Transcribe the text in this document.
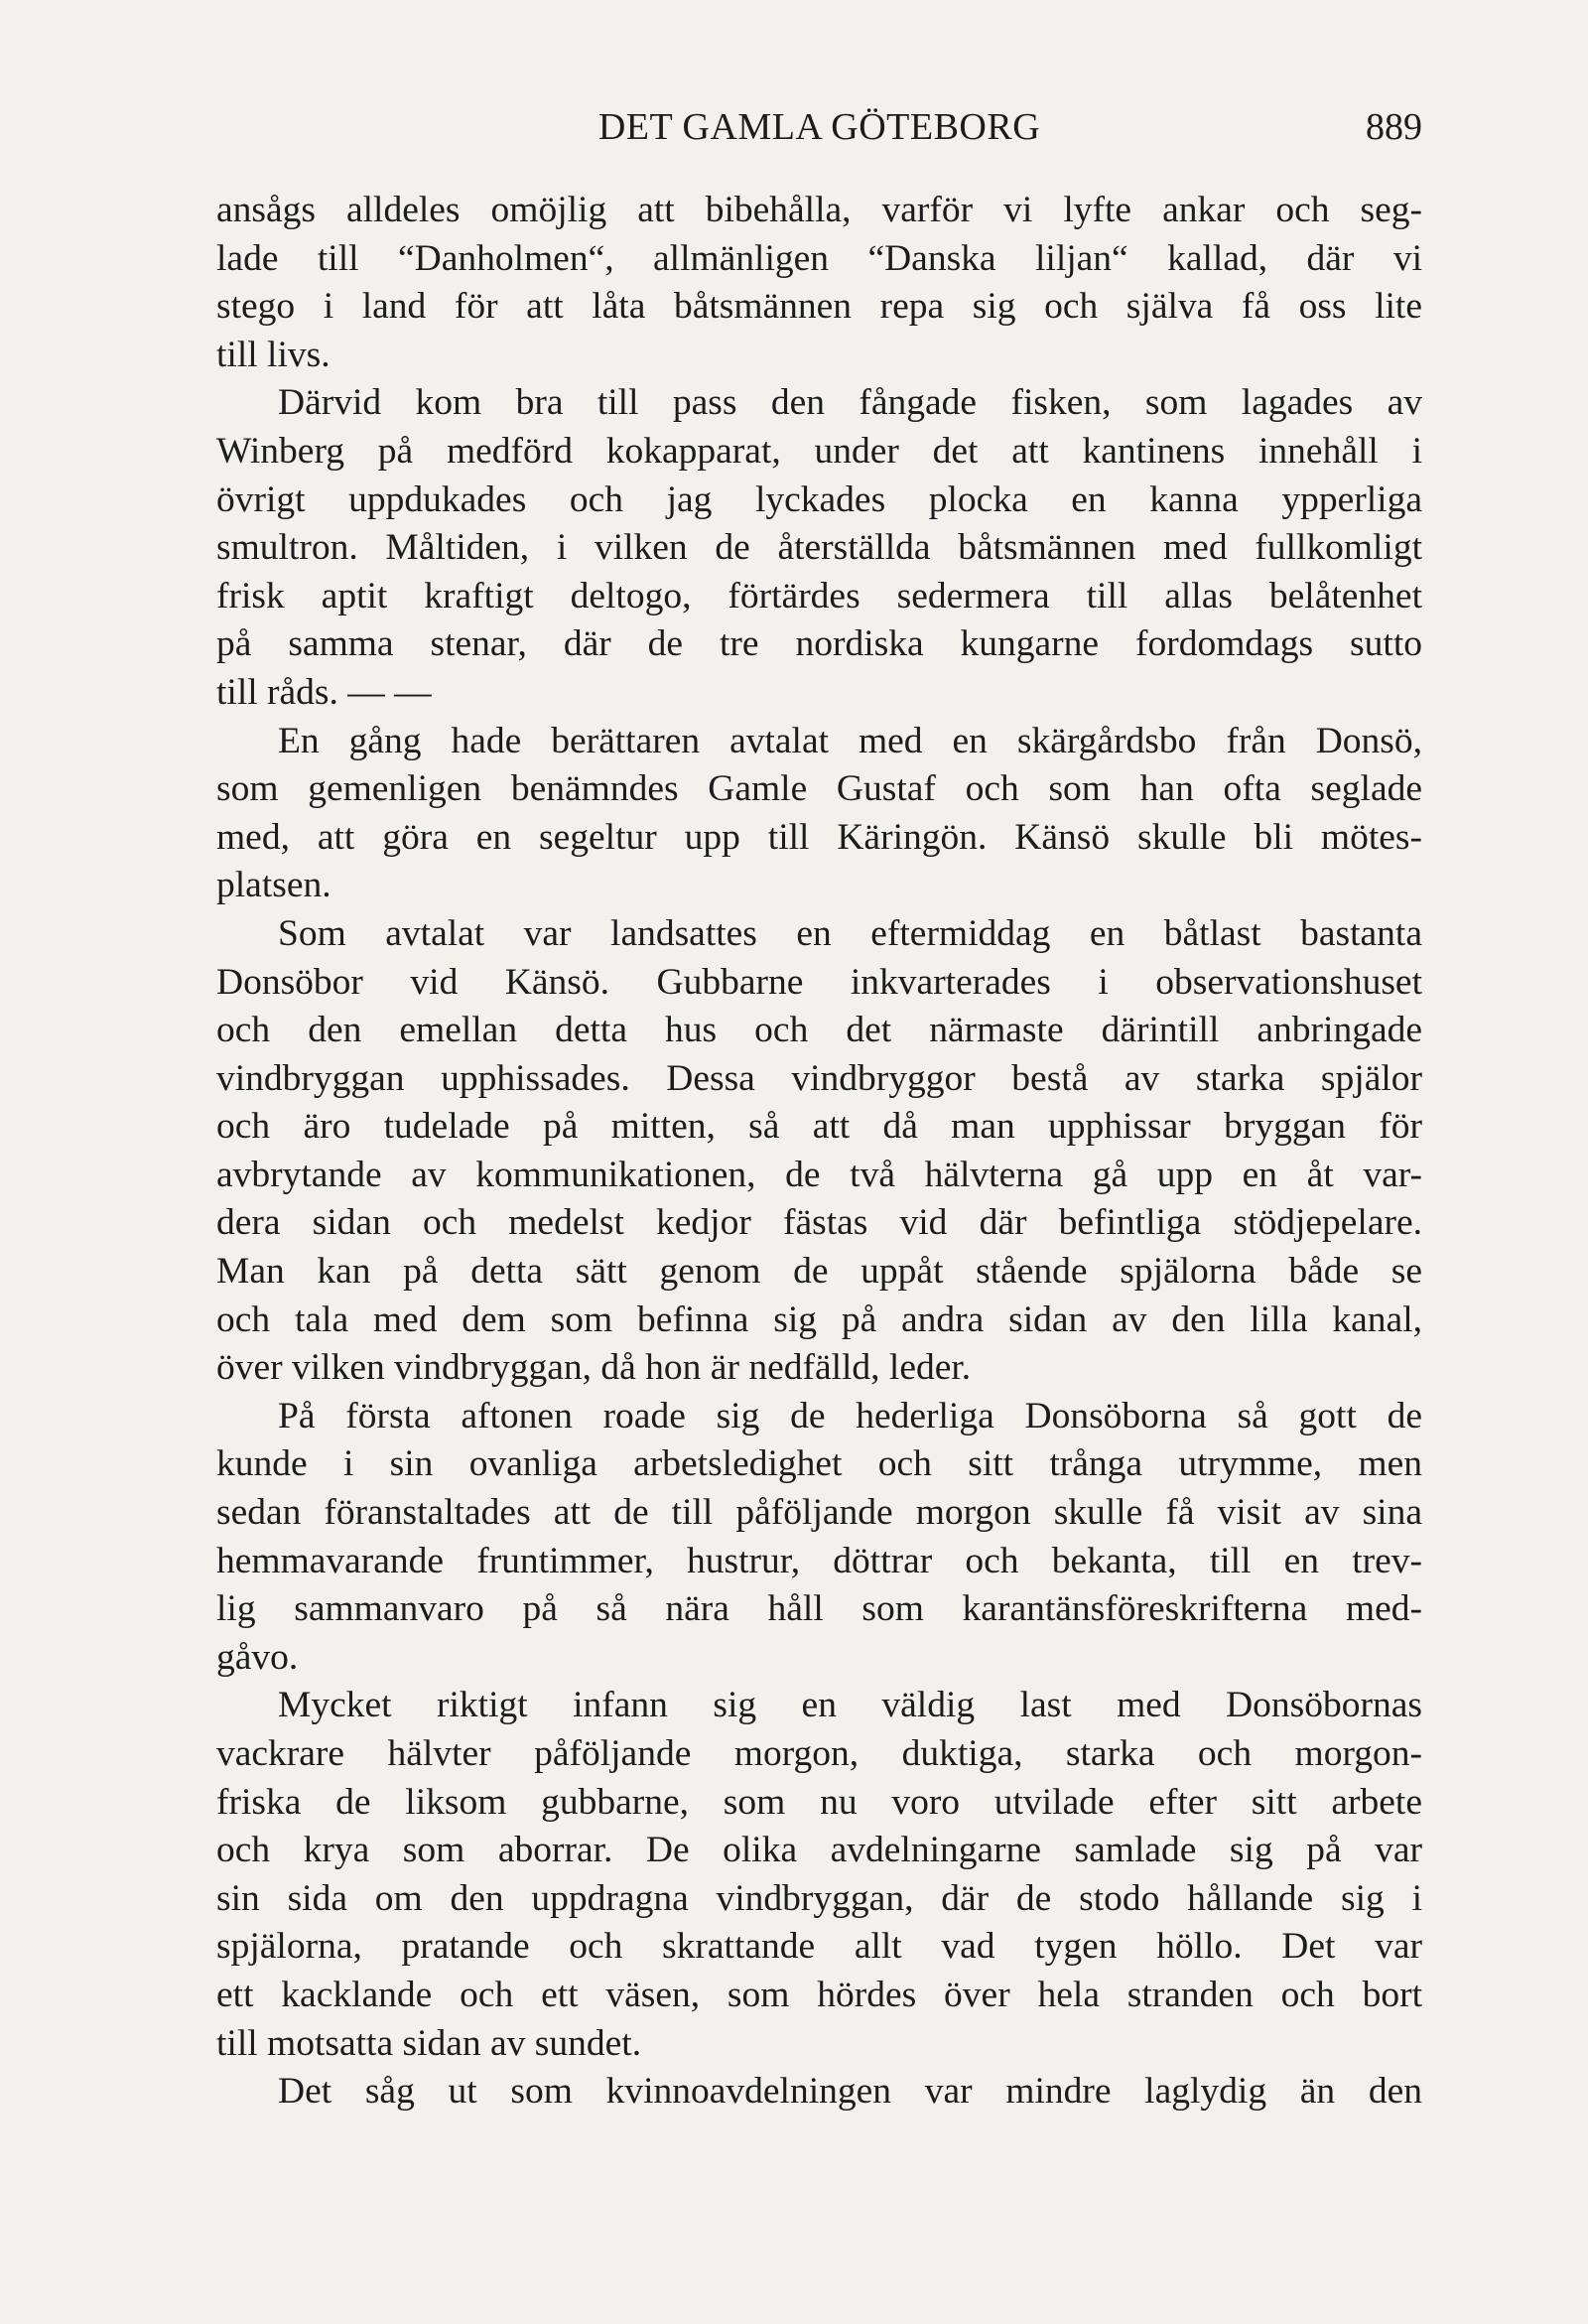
DET GAMLA GÖTEBORG	889
ansågs alldeles omöjlig att bibehålla, varför vi lyfte ankar och seg-
lade till “Danholmen“, allmänligen “Danska liljan“ kallad, där vi
stego i land för att låta båtsmännen repa sig och själva få oss lite
till livs.
Därvid kom bra till pass den fångade fisken, som lagades av
Winberg på medförd kokapparat, under det att kantinens innehåll i
övrigt uppdukades och jag lyckades plocka en kanna ypperliga
smultron. Måltiden, i vilken de återställda båtsmännen med fullkomligt
frisk aptit kraftigt deltogo, förtärdes sedermera till allas belåtenhet
på samma stenar, där de tre nordiska kungarne fordomdags sutto
till råds. — —
En gång hade berättaren avtalat med en skärgårdsbo från Donsö,
som gemenligen benämndes Gamle Gustaf och som han ofta seglade
med, att göra en segeltur upp till Käringön. Känsö skulle bli mötes-
platsen.
Som avtalat var landsattes en eftermiddag en båtlast bastanta
Donsöbor vid Känsö. Gubbarne inkvarterades i observationshuset
och den emellan detta hus och det närmaste därintill anbringade
vindbryggan upphissades. Dessa vindbryggor bestå av starka spjälor
och äro tudelade på mitten, så att då man upphissar bryggan för
avbrytande av kommunikationen, de två hälvterna gå upp en åt var-
dera sidan och medelst kedjor fästas vid där befintliga stödjepelare.
Man kan på detta sätt genom de uppåt stående spjälorna både se
och tala med dem som befinna sig på andra sidan av den lilla kanal,
över vilken vindbryggan, då hon är nedfälld, leder.
På första aftonen roade sig de hederliga Donsöborna så gott de
kunde i sin ovanliga arbetsledighet och sitt trånga utrymme, men
sedan föranstaltades att de till påföljande morgon skulle få visit av sina
hemmavarande fruntimmer, hustrur, döttrar och bekanta, till en trev-
lig sammanvaro på så nära håll som karantänsföreskrifterna med-
gåvo.
Mycket riktigt infann sig en väldig last med Donsöbornas
vackrare hälvter påföljande morgon, duktiga, starka och morgon-
friska de liksom gubbarne, som nu voro utvilade efter sitt arbete
och krya som aborrar. De olika avdelningarne samlade sig på var
sin sida om den uppdragna vindbryggan, där de stodo hållande sig i
spjälorna, pratande och skrattande allt vad tygen höllo. Det var
ett kacklande och ett väsen, som hördes över hela stranden och bort
till motsatta sidan av sundet.
Det såg ut som kvinnoavdelningen var mindre laglydig än den
